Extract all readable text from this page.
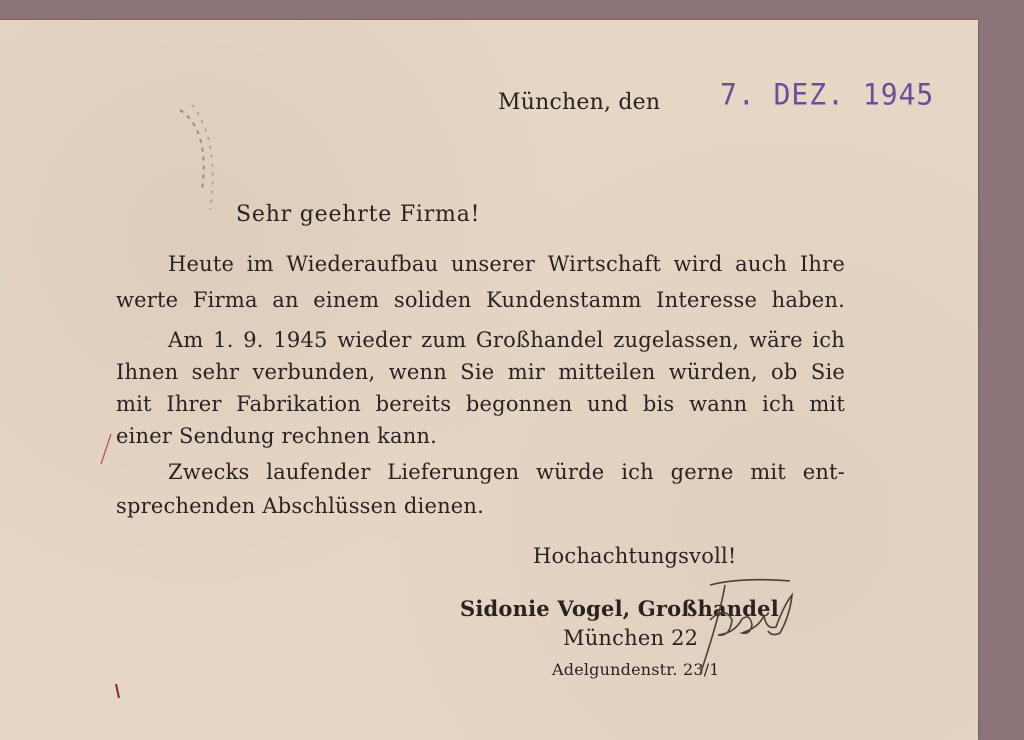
München, den 7. DEZ. 1945

Sehr geehrte Firma!

Heute im Wiederaufbau unserer Wirtschaft wird auch Ihre

werte Firma an einem soliden Kundenstamm Interesse haben.

Am 1. 9. 1945 wieder zum Großhandel zugelassen, wäre ich

Ihnen sehr verbunden, wenn Sie mir mitteilen würden, ob Sie

mit Ihrer Fabrikation bereits begonnen und bis wann ich mit

einer Sendung rechnen kann.

Zwecks laufender Lieferungen würde ich gerne mit ent-

sprechenden Abschlüssen dienen.

Hochachtungsvoll!

Sidonie Vogel, Großhandel

München 22

Adelgundenstr. 23/1
